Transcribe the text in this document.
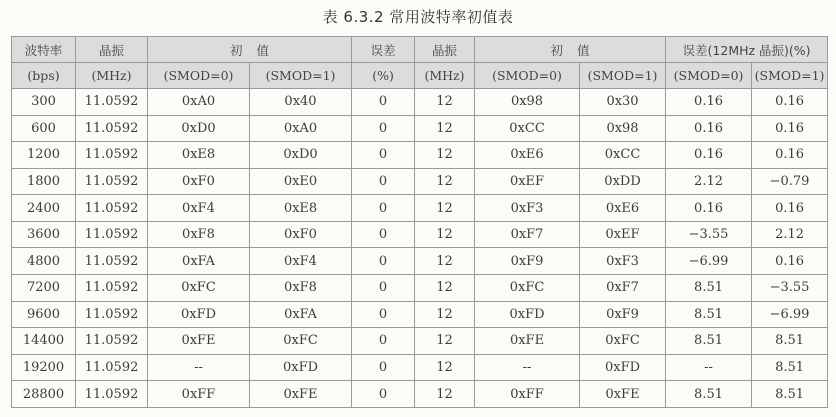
表 6.3.2 常用波特率初值表
波特率	晶振	初值		误差	晶振	初值		误差(12MHz 晶振)(%)	
(bps)	(MHz)	(SMOD=0)	(SMOD=1)	(%)	(MHz)	(SMOD=0)	(SMOD=1)	(SMOD=0)	(SMOD=1)
300	11.0592	0xA0	0x40	0	12	0x98	0x30	0.16	0.16
600	11.0592	0xD0	0xA0	0	12	0xCC	0x98	0.16	0.16
1200	11.0592	0xE8	0xD0	0	12	0xE6	0xCC	0.16	0.16
1800	11.0592	0xF0	0xE0	0	12	0xEF	0xDD	2.12	−0.79
2400	11.0592	0xF4	0xE8	0	12	0xF3	0xE6	0.16	0.16
3600	11.0592	0xF8	0xF0	0	12	0xF7	0xEF	−3.55	2.12
4800	11.0592	0xFA	0xF4	0	12	0xF9	0xF3	−6.99	0.16
7200	11.0592	0xFC	0xF8	0	12	0xFC	0xF7	8.51	−3.55
9600	11.0592	0xFD	0xFA	0	12	0xFD	0xF9	8.51	−6.99
14400	11.0592	0xFE	0xFC	0	12	0xFE	0xFC	8.51	8.51
19200	11.0592	--	0xFD	0	12	--	0xFD	--	8.51
28800	11.0592	0xFF	0xFE	0	12	0xFF	0xFE	8.51	8.51
